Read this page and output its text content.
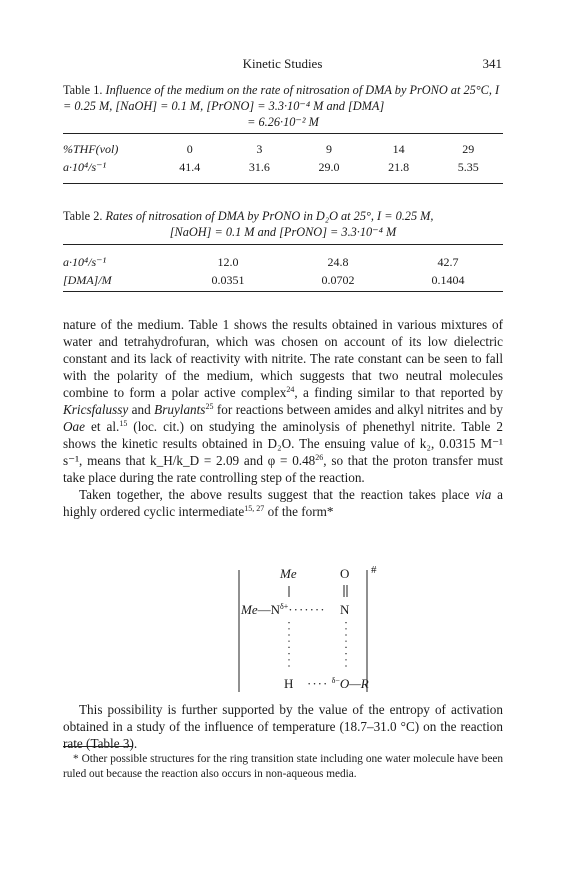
Kinetic Studies	341
Table 1. Influence of the medium on the rate of nitrosation of DMA by PrONO at 25°C, I = 0.25 M, [NaOH] = 0.1 M, [PrONO] = 3.3·10⁻⁴ M and [DMA]
= 6.26·10⁻² M
%THF(vol)	0	3	9	14	29
a·10⁴/s⁻¹	41.4	31.6	29.0	21.8	5.35
Table 2. Rates of nitrosation of DMA by PrONO in D₂O at 25°, I = 0.25 M,
[NaOH] = 0.1 M and [PrONO] = 3.3·10⁻⁴ M
a·10⁴/s⁻¹	12.0	24.8	42.7
[DMA]/M	0.0351	0.0702	0.1404

nature of the medium. Table 1 shows the results obtained in various mixtures of water and tetrahydrofuran, which was chosen on account of its low dielectric constant and its lack of reactivity with nitrite. The rate constant can be seen to fall with the polarity of the medium, which suggests that two neutral molecules combine to form a polar active complex$^{24}$, a finding similar to that reported by Kricsfalussy and Bruylants$^{25}$ for reactions between amides and alkyl nitrites and by Oae et al.$^{15}$ (loc. cit.) on studying the aminolysis of phenethyl nitrite. Table 2 shows the kinetic results obtained in D₂O. The ensuing value of k₂, 0.0315 M⁻¹ s⁻¹, means that k_H/k_D = 2.09 and $\varphi = 0.48^{26}$, so that the proton transfer must take place during the rate controlling step of the reaction.

Taken together, the above results suggest that the reaction takes place via a highly ordered cyclic intermediate$^{15, 27}$ of the form*

Me	O #
$Me—N^{\delta+}\cdot\cdot\cdot\cdot\cdot\cdot\cdot N$
H ···· $^{\delta-}$O—R

This possibility is further supported by the value of the entropy of activation obtained in a study of the influence of temperature (18.7–31.0 °C) on the reaction rate (Table 3).

* Other possible structures for the ring transition state including one water molecule have been ruled out because the reaction also occurs in non-aqueous media.
